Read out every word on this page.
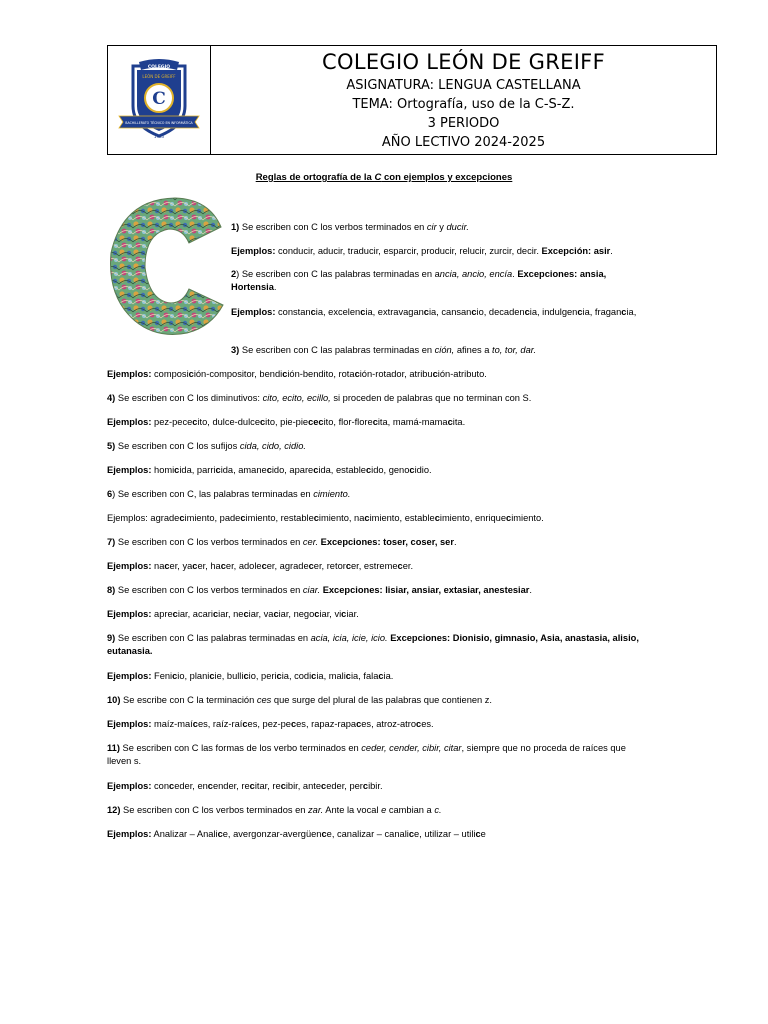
COLEGIO
LEÓN DE GREIFF
C
BACHILLERATO TÉCNICO EN INFORMÁTICA
1983
COLEGIO LEÓN DE GREIFF
ASIGNATURA: LENGUA CASTELLANA
TEMA: Ortografía, uso de la C-S-Z.
3 PERIODO
AÑO LECTIVO 2024-2025
Reglas de ortografía de la C con ejemplos y excepciones

1) Se escriben con C los verbos terminados en cir y ducir.

Ejemplos: conducir, aducir, traducir, esparcir, producir, relucir, zurcir, decir. Excepción: asir.

2) Se escriben con C las palabras terminadas en ancia, ancio, encía. Excepciones: ansia, Hortensia.

Ejemplos: constancia, excelencia, extravagancia, cansancio, decadencia, indulgencia, fragancia,

3) Se escriben con C las palabras terminadas en ción, afines a to, tor, dar.

Ejemplos: composición-compositor, bendición-bendito, rotación-rotador, atribución-atributo.

4) Se escriben con C los diminutivos: cito, ecito, ecillo, si proceden de palabras que no terminan con S.

Ejemplos: pez-pececito, dulce-dulcecito, pie-piececito, flor-florecita, mamá-mamacita.

5) Se escriben con C los sufijos cida, cido, cidio.

Ejemplos: homicida, parricida, amanecido, aparecida, establecido, genocidio.

6) Se escriben con C, las palabras terminadas en cimiento.

Ejemplos: agradecimiento, padecimiento, restablecimiento, nacimiento, establecimiento, enriquecimiento.

7) Se escriben con C los verbos terminados en cer. Excepciones: toser, coser, ser.

Ejemplos: nacer, yacer, hacer, adolecer, agradecer, retorcer, estremecer.

8) Se escriben con C los verbos terminados en ciar. Excepciones: lisiar, ansiar, extasiar, anestesiar.

Ejemplos: apreciar, acariciar, neciar, vaciar, negociar, viciar.

9) Se escriben con C las palabras terminadas en acia, icia, icie, icio. Excepciones: Dionisio, gimnasio, Asia, anastasia, alisio, eutanasia.

Ejemplos: Fenicio, planicie, bullicio, pericia, codicia, malicia, falacia.

10) Se escribe con C la terminación ces que surge del plural de las palabras que contienen z.

Ejemplos: maíz-maíces, raíz-raíces, pez-peces, rapaz-rapaces, atroz-atroces.

11) Se escriben con C las formas de los verbo terminados en ceder, cender, cibir, citar, siempre que no proceda de raíces que lleven s.

Ejemplos: conceder, encender, recitar, recibir, anteceder, percibir.

12) Se escriben con C los verbos terminados en zar. Ante la vocal e cambian a c.

Ejemplos: Analizar – Analice, avergonzar-avergüence, canalizar – canalice, utilizar – utilice
